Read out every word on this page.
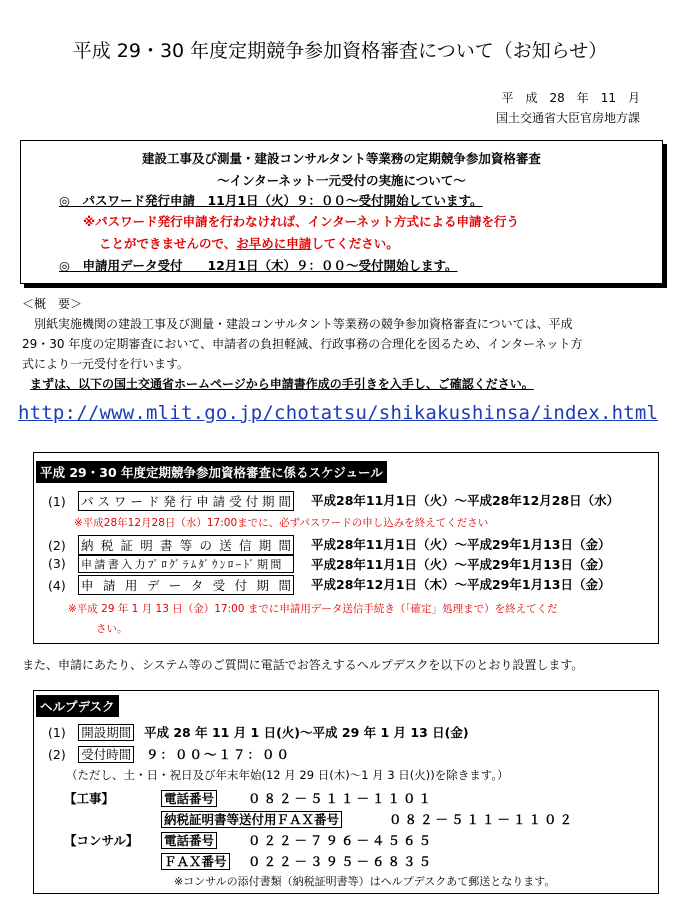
平成 29・30 年度定期競争参加資格審査について（お知らせ）
平　成　28　年　11　月
国土交通省大臣官房地方課
建設工事及び測量・建設コンサルタント等業務の定期競争参加資格審査
～インターネット一元受付の実施について～
◎　 パスワード発行申請　11月1日（火）９：００～受付開始しています。
※パスワード発行申請を行わなければ、インターネット方式による申請を行う
ことができませんので、お早めに申請してください。
◎　 申請用データ受付　　12月1日（木）９：００～受付開始します。
＜概　要＞
別紙実施機関の建設工事及び測量・建設コンサルタント等業務の競争参加資格審査については、平成
29・30 年度の定期審査において、申請者の負担軽減、行政事務の合理化を図るため、インターネット方
式により一元受付を行います。
まずは、以下の国土交通省ホームページから申請書作成の手引きを入手し、ご確認ください。
http://www.mlit.go.jp/chotatsu/shikakushinsa/index.html
平成 29・30 年度定期競争参加資格審査に係るスケジュール
(1) パスワード発行申請受付期間 平成28年11月1日（火）～平成28年12月28日（水）
※平成28年12月28日（水）17:00までに、必ずパスワードの申し込みを終えてください
(2) 納税証明書等の送信期間 平成28年11月1日（火）～平成29年1月13日（金）
(3) 申請書入力ﾌﾟﾛｸﾞﾗﾑﾀﾞｳﾝﾛｰﾄﾞ期間 平成28年11月1日（火）～平成29年1月13日（金）
(4) 申請用データ受付期間 平成28年12月1日（木）～平成29年1月13日（金）
※平成 29 年 1 月 13 日（金）17:00 までに申請用データ送信手続き（「確定」処理まで）を終えてくだ
さい。
また、申請にあたり、システム等のご質問に電話でお答えするヘルプデスクを以下のとおり設置します。
ヘルプデスク
(1)　 開設期間 平成 28 年 11 月 1 日(火)～平成 29 年 1 月 13 日(金)
(2)　 受付時間 ９：００～１７：００
（ただし、土・日・祝日及び年末年始(12 月 29 日(木)～1 月 3 日(火))を除きます。）
【工事】	電話番号	０８２－５１１－１１０１
納税証明書等送付用ＦＡＸ番号	０８２－５１１－１１０２
【コンサル】 電話番号	０２２－７９６－４５６５
ＦＡＸ番号 ０２２－３９５－６８３５
※コンサルの添付書類（納税証明書等）はヘルプデスクあて郵送となります。
